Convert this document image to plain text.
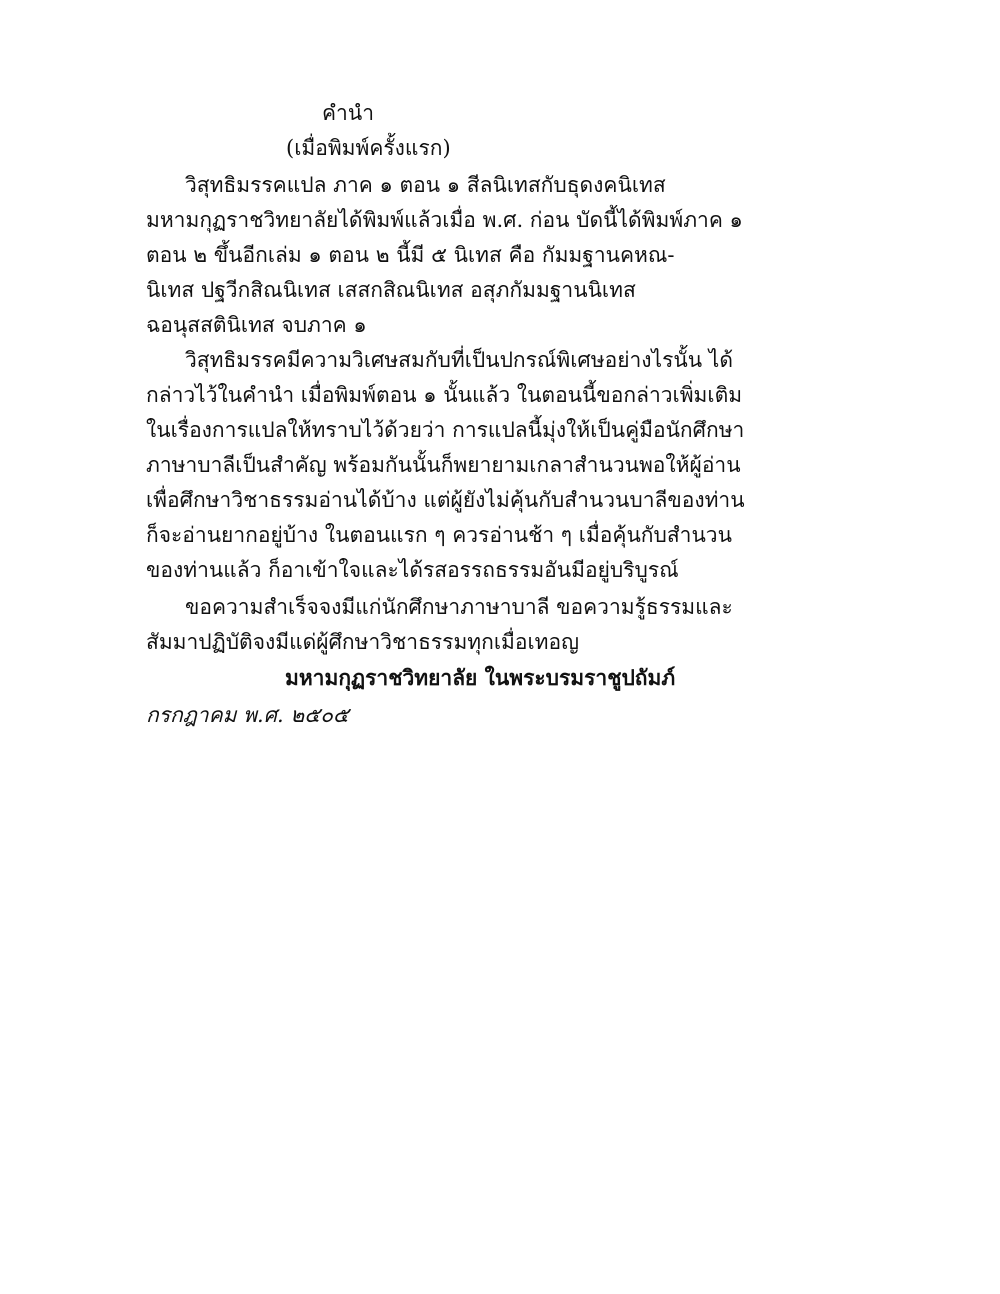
คำนำ
(เมื่อพิมพ์ครั้งแรก)
วิสุทธิมรรคแปล ภาค ๑ ตอน ๑ สีลนิเทสกับธุดงคนิเทส
มหามกุฏราชวิทยาลัยได้พิมพ์แล้วเมื่อ พ.ศ. ก่อน บัดนี้ได้พิมพ์ภาค ๑
ตอน ๒ ขึ้นอีกเล่ม ๑ ตอน ๒ นี้มี ๕ นิเทส คือ กัมมฐานคหณ-
นิเทส ปฐวีกสิณนิเทส เสสกสิณนิเทส อสุภกัมมฐานนิเทส
ฉอนุสสตินิเทส จบภาค ๑
วิสุทธิมรรคมีความวิเศษสมกับที่เป็นปกรณ์พิเศษอย่างไรนั้น ได้
กล่าวไว้ในคำนำ เมื่อพิมพ์ตอน ๑ นั้นแล้ว ในตอนนี้ขอกล่าวเพิ่มเติม
ในเรื่องการแปลให้ทราบไว้ด้วยว่า การแปลนี้มุ่งให้เป็นคู่มือนักศึกษา
ภาษาบาลีเป็นสำคัญ พร้อมกันนั้นก็พยายามเกลาสำนวนพอให้ผู้อ่าน
เพื่อศึกษาวิชาธรรมอ่านได้บ้าง แต่ผู้ยังไม่คุ้นกับสำนวนบาลีของท่าน
ก็จะอ่านยากอยู่บ้าง ในตอนแรก ๆ ควรอ่านช้า ๆ เมื่อคุ้นกับสำนวน
ของท่านแล้ว ก็อาเข้าใจและได้รสอรรถธรรมอันมีอยู่บริบูรณ์
ขอความสำเร็จจงมีแก่นักศึกษาภาษาบาลี ขอความรู้ธรรมและ
สัมมาปฏิบัติจงมีแด่ผู้ศึกษาวิชาธรรมทุกเมื่อเทอญ
มหามกุฏราชวิทยาลัย ในพระบรมราชูปถัมภ์
กรกฎาคม พ.ศ. ๒๕๐๕
